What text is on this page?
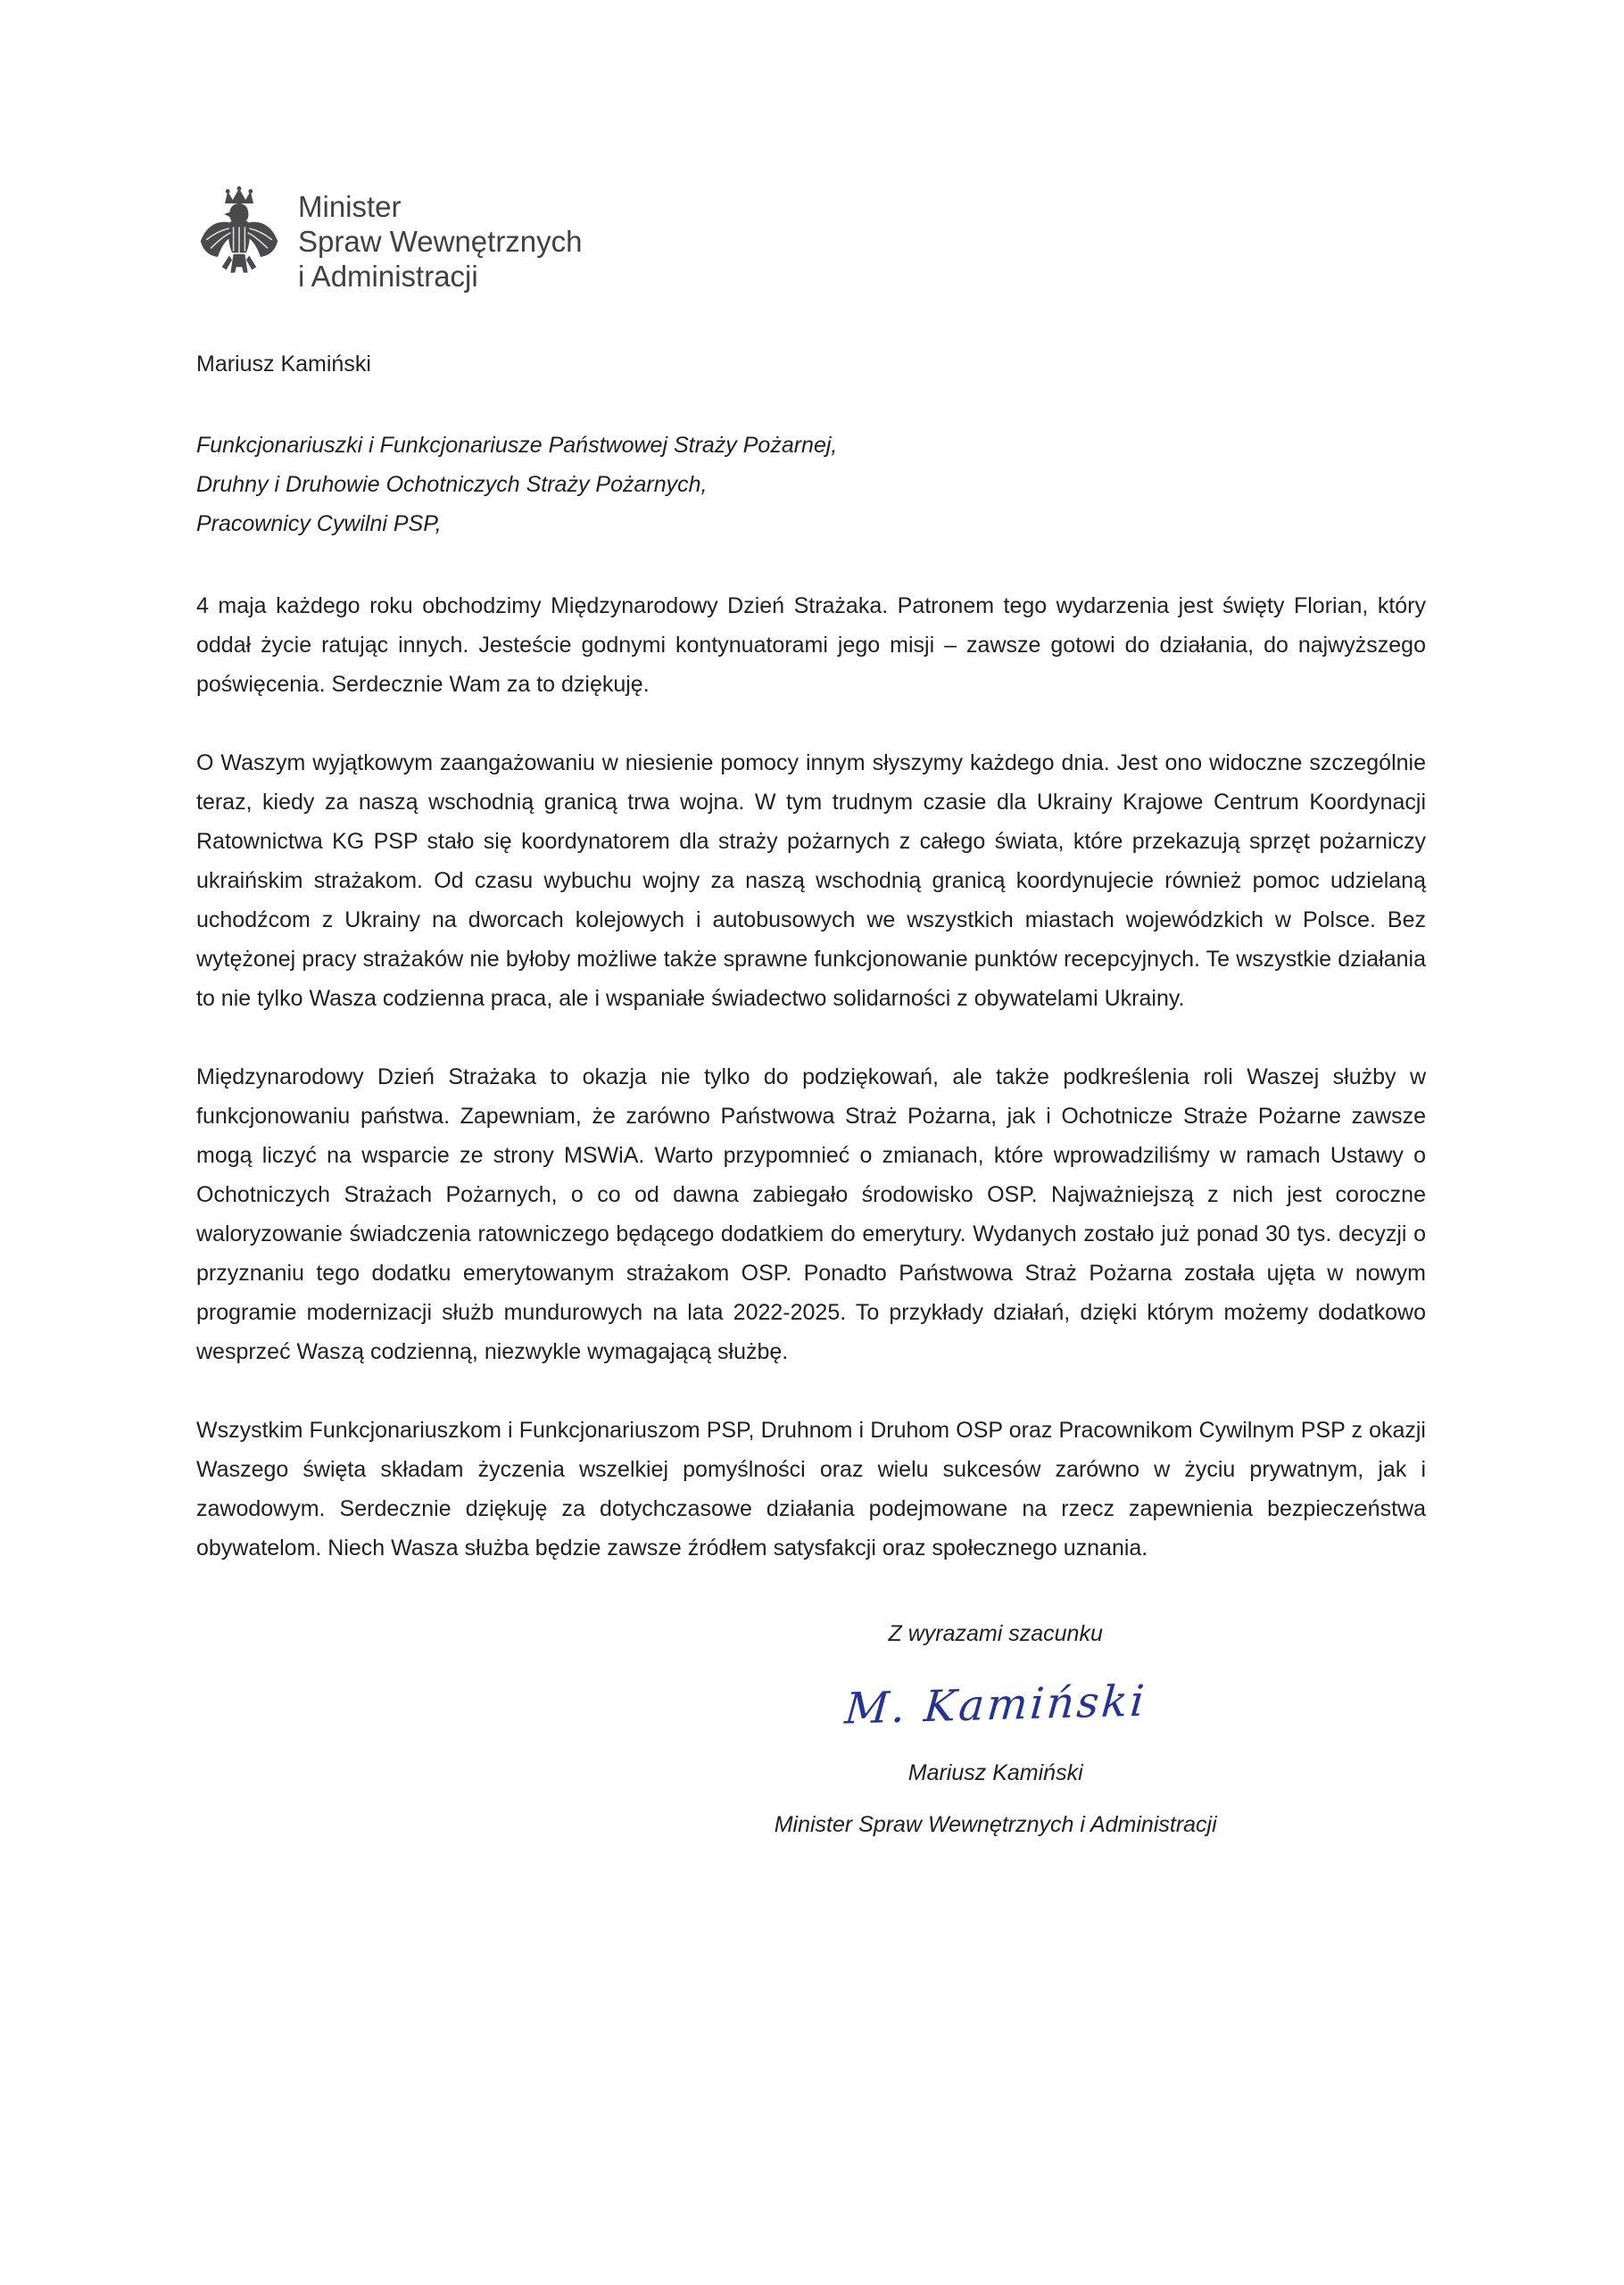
Minister
Spraw Wewnętrznych
i Administracji
Mariusz Kamiński
Funkcjonariuszki i Funkcjonariusze Państwowej Straży Pożarnej,
Druhny i Druhowie Ochotniczych Straży Pożarnych,
Pracownicy Cywilni PSP,

4 maja każdego roku obchodzimy Międzynarodowy Dzień Strażaka. Patronem tego wydarzenia jest święty Florian, który oddał życie ratując innych. Jesteście godnymi kontynuatorami jego misji – zawsze gotowi do działania, do najwyższego poświęcenia. Serdecznie Wam za to dziękuję.

O Waszym wyjątkowym zaangażowaniu w niesienie pomocy innym słyszymy każdego dnia. Jest ono widoczne szczególnie teraz, kiedy za naszą wschodnią granicą trwa wojna. W tym trudnym czasie dla Ukrainy Krajowe Centrum Koordynacji Ratownictwa KG PSP stało się koordynatorem dla straży pożarnych z całego świata, które przekazują sprzęt pożarniczy ukraińskim strażakom. Od czasu wybuchu wojny za naszą wschodnią granicą koordynujecie również pomoc udzielaną uchodźcom z Ukrainy na dworcach kolejowych i autobusowych we wszystkich miastach wojewódzkich w Polsce. Bez wytężonej pracy strażaków nie byłoby możliwe także sprawne funkcjonowanie punktów recepcyjnych. Te wszystkie działania to nie tylko Wasza codzienna praca, ale i wspaniałe świadectwo solidarności z obywatelami Ukrainy.

Międzynarodowy Dzień Strażaka to okazja nie tylko do podziękowań, ale także podkreślenia roli Waszej służby w funkcjonowaniu państwa. Zapewniam, że zarówno Państwowa Straż Pożarna, jak i Ochotnicze Straże Pożarne zawsze mogą liczyć na wsparcie ze strony MSWiA. Warto przypomnieć o zmianach, które wprowadziliśmy w ramach Ustawy o Ochotniczych Strażach Pożarnych, o co od dawna zabiegało środowisko OSP. Najważniejszą z nich jest coroczne waloryzowanie świadczenia ratowniczego będącego dodatkiem do emerytury. Wydanych zostało już ponad 30 tys. decyzji o przyznaniu tego dodatku emerytowanym strażakom OSP. Ponadto Państwowa Straż Pożarna została ujęta w nowym programie modernizacji służb mundurowych na lata 2022-2025. To przykłady działań, dzięki którym możemy dodatkowo wesprzeć Waszą codzienną, niezwykle wymagającą służbę.

Wszystkim Funkcjonariuszkom i Funkcjonariuszom PSP, Druhnom i Druhom OSP oraz Pracownikom Cywilnym PSP z okazji Waszego święta składam życzenia wszelkiej pomyślności oraz wielu sukcesów zarówno w życiu prywatnym, jak i zawodowym. Serdecznie dziękuję za dotychczasowe działania podejmowane na rzecz zapewnienia bezpieczeństwa obywatelom. Niech Wasza służba będzie zawsze źródłem satysfakcji oraz społecznego uznania.

Z wyrazami szacunku
M. Kamiński
Mariusz Kamiński
Minister Spraw Wewnętrznych i Administracji
